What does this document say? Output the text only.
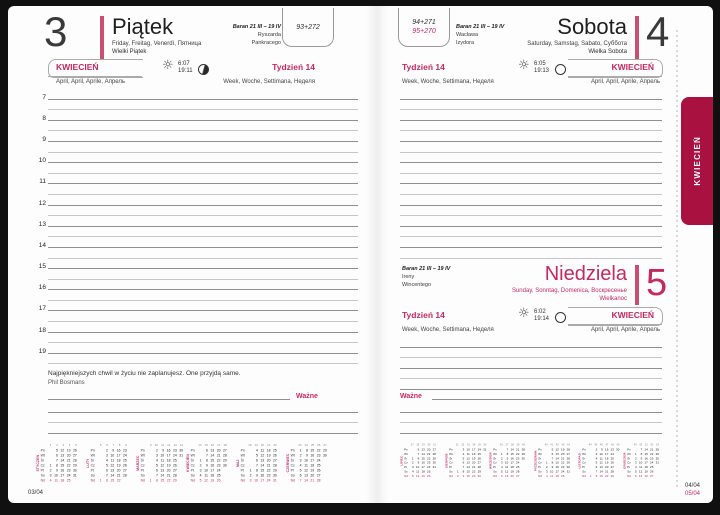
3 Piątek
Friday, Freitag, Venerdì, Пятница
Wielki Piątek
Baran 21 III – 19 IV
Ryszarda
Pankracego
93+272
KWIECIEŃ
April, April, Aprile, Апрель
☼ 6:07
19:11	Tydzień 14
Week, Woche, Settimana, Неделя
7
8
9
10
11
12
13
14
15
16
17
18
19
Najpiękniejszych chwil w życiu nie zaplanujesz. One przyjdą same.
Phil Bosmans
Ważne
STYCZEŃ
1 2 3 4 5
Pn	5 12 19 26
Wt	6 13 20 27
Śr	7 14 21 28
Cz 1 8 15 22 29
Pt 2 9 16 23 30
So 3 10 17 24 31
Nd 4 11 18 25
LUTY
5 6 7 8 9
Pn	2 9 16 23
Wt	3 10 17 24
Śr	4 11 18 25
Cz	5 12 19 26
Pt	6 13 20 27
So	7 14 21 28
Nd 1 8 15 22
MARZEC
9 10 11 12 13 14
Pn	2 9 16 23 30
Wt	3 10 17 24 31
Śr	4 11 18 25
Cz	5 12 19 26
Pt	6 13 20 27
So	7 14 21 28
Nd 1 8 15 22 29
KWIECIEŃ
14 15 16 17 18
Pn	6 13 20 27
Wt	7 14 21 28
Śr 1 8 15 22 29
Cz 2 9 16 23 30
Pt 3 10 17 24
So 4 11 18 25
Nd 5 12 19 26
MAJ
18 19 20 21 22
Pn	4 11 18 25
Wt	5 12 19 26
Śr	6 13 20 27
Cz	7 14 21 28
Pt 1 8 15 22 29
So 2 9 16 23 30
Nd 3 10 17 24 31
CZERWIEC
23 24 25 26 27
Pn 1 8 15 22 29
Wt 2 9 16 23 30
Śr 3 10 17 24
Cz 4 11 18 25
Pt 5 12 19 26
So 6 13 20 27
Nd 7 14 21 28
03/04
94+271
95+270
Baran 21 III – 19 IV
Wacława
Izydora
Sobota
Saturday, Samstag, Sabato, Суббота
Wielka Sobota 4
Tydzień 14
Week, Woche, Settimana, Неделя
☼ 6:05
19:13	KWIECIEŃ
April, April, Aprile, Апрель
Baran 21 III – 19 IV
Ireny
Wincentego	Niedziela
Sunday, Sonntag, Domenica, Воскресенье
Wielkanoc 5
Tydzień 14
Week, Woche, Settimana, Неделя
☼ 6:02
19:14	KWIECIEŃ
April, April, Aprile, Апрель
Ważne
LIPIEC
27 28 29 30 31
Pn	6 13 20 27
Wt	7 14 21 28
Śr 1 8 15 22 29
Cz 2 9 16 23 30
Pt 3 10 17 24 31
So 4 11 18 25
Nd 5 12 19 26
SIERPIEŃ
31 32 33 34 35 36
Pn	3 10 17 24 31
Wt	4 11 18 25
Śr	5 12 19 26
Cz	6 13 20 27
Pt	7 14 21 28
So 1 8 15 22 29
Nd 2 9 16 23 30
WRZESIEŃ
36 37 38 39 40
Pn	7 14 21 28
Wt 1 8 15 22 29
Śr 2 9 16 23 30
Cz 3 10 17 24
Pt 4 11 18 25
So 5 12 19 26
Nd 6 13 20 27
PAŹDZIERNIK
40 41 42 43 44
Pn	5 12 19 26
Wt	6 13 20 27
Śr	7 14 21 28
Cz 1 8 15 22 29
Pt 2 9 16 23 30
So 3 10 17 24 31
Nd 4 11 18 25
LISTOPAD
44 45 46 47 48 49
Pn	2 9 16 23 30
Wt	3 10 17 24
Śr	4 11 18 25
Cz	5 12 19 26
Pt	6 13 20 27
So	7 14 21 28
Nd 1 8 15 22 29
GRUDZIEŃ
49 50 51 52 53
Pn	7 14 21 28
Wt 1 8 15 22 29
Śr 2 9 16 23 30
Cz 3 10 17 24 31
Pt 4 11 18 25
So 5 12 19 26
Nd 6 13 20 27
04/04
05/04
KWIECIEŃ
